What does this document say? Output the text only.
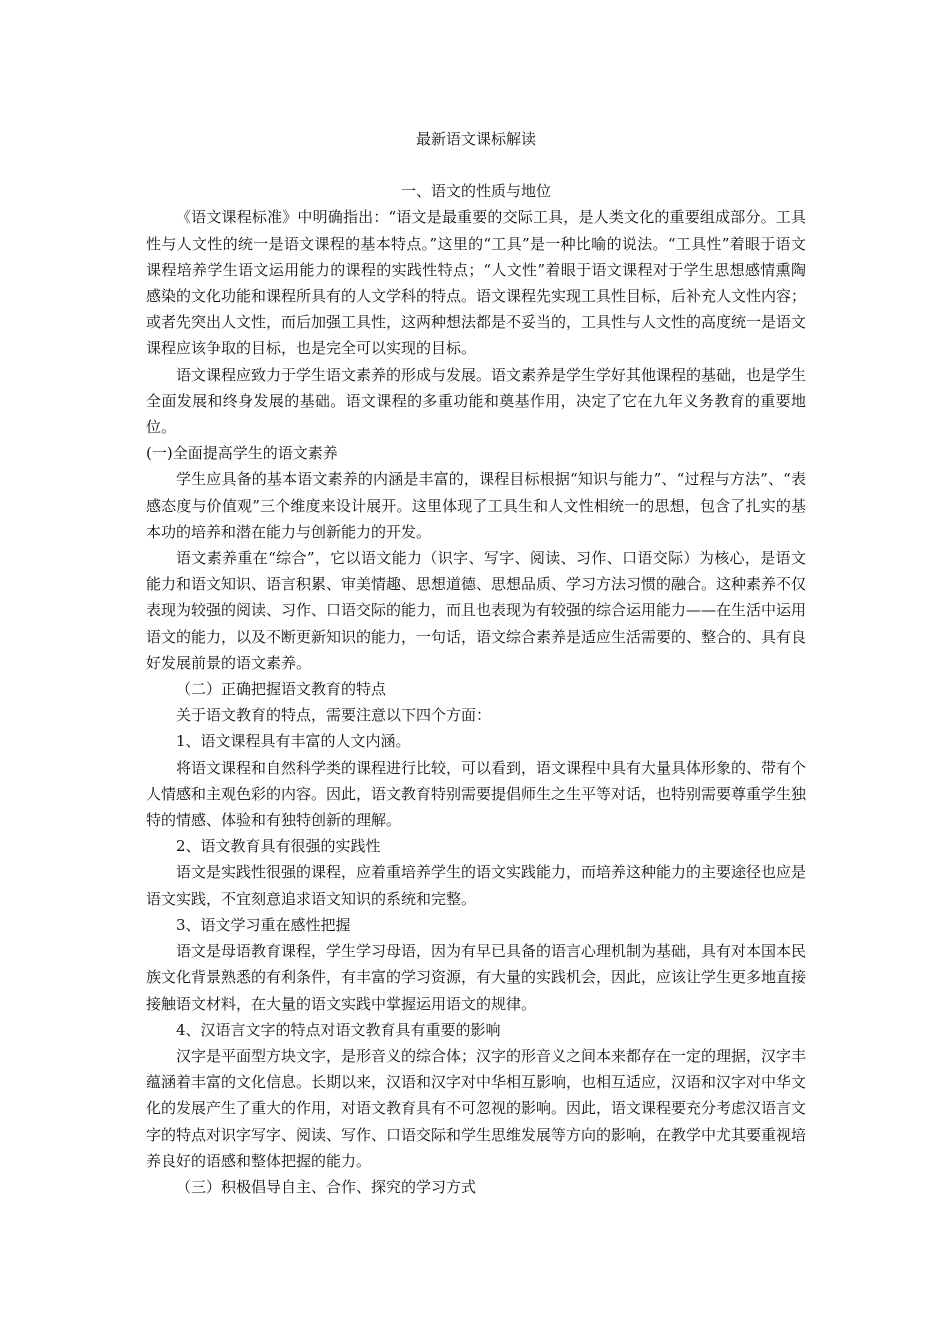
最新语文课标解读
一、语文的性质与地位

《语文课程标准》中明确指出：“语文是最重要的交际工具，是人类文化的重要组成部分。工具性与人文性的统一是语文课程的基本特点。”这里的“工具”是一种比喻的说法。“工具性”着眼于语文课程培养学生语文运用能力的课程的实践性特点；“人文性”着眼于语文课程对于学生思想感情熏陶感染的文化功能和课程所具有的人文学科的特点。语文课程先实现工具性目标，后补充人文性内容；或者先突出人文性，而后加强工具性，这两种想法都是不妥当的，工具性与人文性的高度统一是语文课程应该争取的目标，也是完全可以实现的目标。

语文课程应致力于学生语文素养的形成与发展。语文素养是学生学好其他课程的基础，也是学生全面发展和终身发展的基础。语文课程的多重功能和奠基作用，决定了它在九年义务教育的重要地位。

(一)全面提高学生的语文素养

学生应具备的基本语文素养的内涵是丰富的，课程目标根据“知识与能力”、“过程与方法”、“表感态度与价值观”三个维度来设计展开。这里体现了工具生和人文性相统一的思想，包含了扎实的基本功的培养和潜在能力与创新能力的开发。

语文素养重在“综合”，它以语文能力（识字、写字、阅读、习作、口语交际）为核心，是语文能力和语文知识、语言积累、审美情趣、思想道德、思想品质、学习方法习惯的融合。这种素养不仅表现为较强的阅读、习作、口语交际的能力，而且也表现为有较强的综合运用能力——在生活中运用语文的能力，以及不断更新知识的能力，一句话，语文综合素养是适应生活需要的、整合的、具有良好发展前景的语文素养。

（二）正确把握语文教育的特点

关于语文教育的特点，需要注意以下四个方面：

1、语文课程具有丰富的人文内涵。

将语文课程和自然科学类的课程进行比较，可以看到，语文课程中具有大量具体形象的、带有个人情感和主观色彩的内容。因此，语文教育特别需要提倡师生之生平等对话，也特别需要尊重学生独特的情感、体验和有独特创新的理解。

2、语文教育具有很强的实践性

语文是实践性很强的课程，应着重培养学生的语文实践能力，而培养这种能力的主要途径也应是语文实践，不宜刻意追求语文知识的系统和完整。

3、语文学习重在感性把握

语文是母语教育课程，学生学习母语，因为有早已具备的语言心理机制为基础，具有对本国本民族文化背景熟悉的有利条件，有丰富的学习资源，有大量的实践机会，因此，应该让学生更多地直接接触语文材料，在大量的语文实践中掌握运用语文的规律。

4、汉语言文字的特点对语文教育具有重要的影响

汉字是平面型方块文字，是形音义的综合体；汉字的形音义之间本来都存在一定的理据，汉字丰蕴涵着丰富的文化信息。长期以来，汉语和汉字对中华相互影响，也相互适应，汉语和汉字对中华文化的发展产生了重大的作用，对语文教育具有不可忽视的影响。因此，语文课程要充分考虑汉语言文字的特点对识字写字、阅读、写作、口语交际和学生思维发展等方向的影响，在教学中尤其要重视培养良好的语感和整体把握的能力。

（三）积极倡导自主、合作、探究的学习方式
